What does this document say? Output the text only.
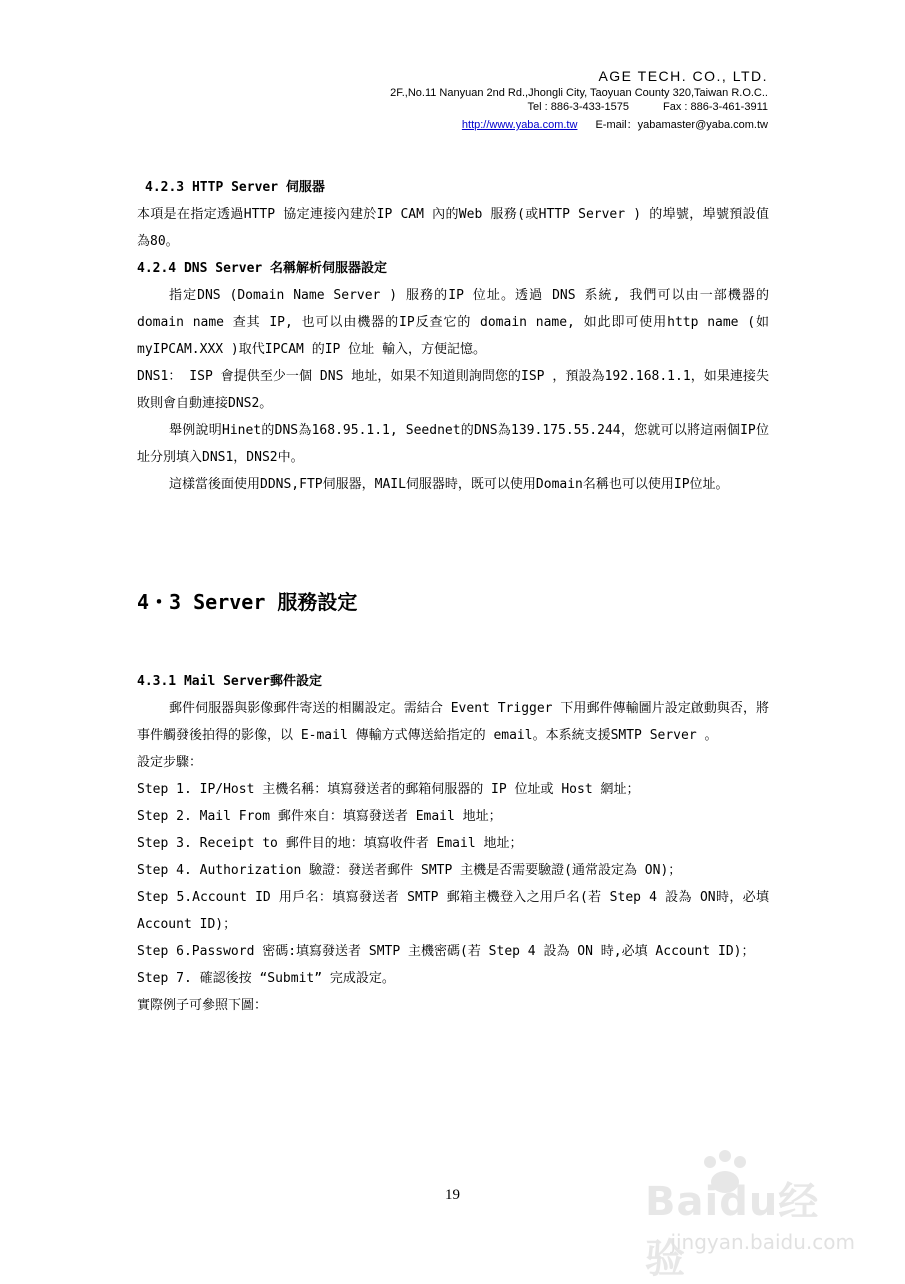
AGE TECH. CO., LTD.
2F.,No.11 Nanyuan 2nd Rd.,Jhongli City, Taoyuan County 320,Taiwan R.O.C..
Tel : 886-3-433-1575	Fax : 886-3-461-3911
http://www.yaba.com.tw E-mail：yabamaster@yaba.com.tw

4.2.3 HTTP Server 伺服器

本項是在指定透過HTTP 協定連接內建於IP CAM 內的Web 服務(或HTTP Server ) 的埠號，埠號預設值為80。

4.2.4 DNS Server 名稱解析伺服器設定

指定DNS (Domain Name Server ) 服務的IP 位址。透過 DNS 系統, 我們可以由一部機器的domain name 查其 IP, 也可以由機器的IP反查它的 domain name, 如此即可使用http name (如myIPCAM.XXX )取代IPCAM 的IP 位址 輸入，方便記憶。

DNS1： ISP 會提供至少一個 DNS 地址，如果不知道則詢問您的ISP ，預設為192.168.1.1，如果連接失敗則會自動連接DNS2。

舉例說明Hinet的DNS為168.95.1.1, Seednet的DNS為139.175.55.244，您就可以將這兩個IP位址分別填入DNS1，DNS2中。

這樣當後面使用DDNS,FTP伺服器，MAIL伺服器時，既可以使用Domain名稱也可以使用IP位址。

4・3 Server 服務設定

4.3.1 Mail Server郵件設定

郵件伺服器與影像郵件寄送的相關設定。需結合 Event Trigger 下用郵件傳輸圖片設定啟動與否，將事件觸發後拍得的影像，以 E-mail 傳輸方式傳送給指定的 email。本系統支援SMTP Server 。

設定步驟：

Step 1. IP/Host 主機名稱：填寫發送者的郵箱伺服器的 IP 位址或 Host 網址；

Step 2. Mail From 郵件來自：填寫發送者 Email 地址；

Step 3. Receipt to 郵件目的地：填寫收件者 Email 地址；

Step 4. Authorization 驗證：發送者郵件 SMTP 主機是否需要驗證(通常設定為 ON)；

Step 5.Account ID 用戶名：填寫發送者 SMTP 郵箱主機登入之用戶名(若 Step 4 設為 ON時，必填 Account ID)；

Step 6.Password 密碼:填寫發送者 SMTP 主機密碼(若 Step 4 設為 ON 時,必填 Account ID)；

Step 7. 確認後按 “Submit” 完成設定。

實際例子可參照下圖：

19	Baidu经验
jingyan.baidu.com
